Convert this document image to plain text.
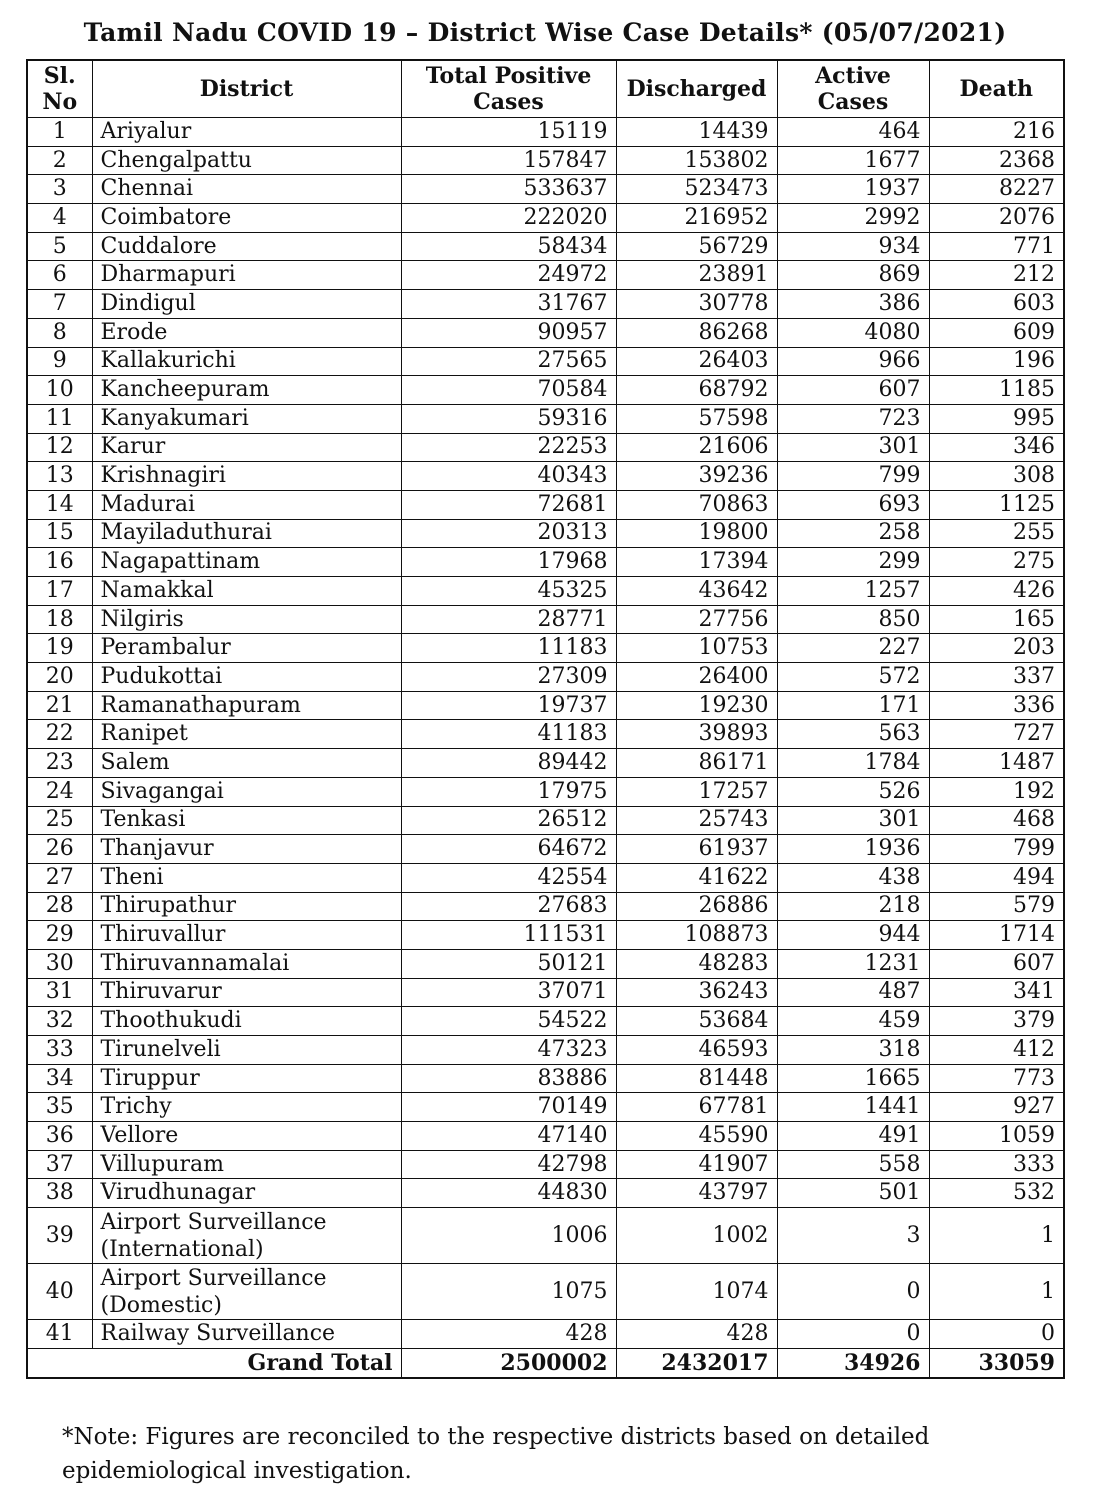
Tamil Nadu COVID 19 – District Wise Case Details* (05/07/2021)
Sl. No	District	Total Positive Cases	Discharged	Active Cases	Death
1	Ariyalur	15119	14439	464	216
2	Chengalpattu	157847	153802	1677	2368
3	Chennai	533637	523473	1937	8227
4	Coimbatore	222020	216952	2992	2076
5	Cuddalore	58434	56729	934	771
6	Dharmapuri	24972	23891	869	212
7	Dindigul	31767	30778	386	603
8	Erode	90957	86268	4080	609
9	Kallakurichi	27565	26403	966	196
10	Kancheepuram	70584	68792	607	1185
11	Kanyakumari	59316	57598	723	995
12	Karur	22253	21606	301	346
13	Krishnagiri	40343	39236	799	308
14	Madurai	72681	70863	693	1125
15	Mayiladuthurai	20313	19800	258	255
16	Nagapattinam	17968	17394	299	275
17	Namakkal	45325	43642	1257	426
18	Nilgiris	28771	27756	850	165
19	Perambalur	11183	10753	227	203
20	Pudukottai	27309	26400	572	337
21	Ramanathapuram	19737	19230	171	336
22	Ranipet	41183	39893	563	727
23	Salem	89442	86171	1784	1487
24	Sivagangai	17975	17257	526	192
25	Tenkasi	26512	25743	301	468
26	Thanjavur	64672	61937	1936	799
27	Theni	42554	41622	438	494
28	Thirupathur	27683	26886	218	579
29	Thiruvallur	111531	108873	944	1714
30	Thiruvannamalai	50121	48283	1231	607
31	Thiruvarur	37071	36243	487	341
32	Thoothukudi	54522	53684	459	379
33	Tirunelveli	47323	46593	318	412
34	Tiruppur	83886	81448	1665	773
35	Trichy	70149	67781	1441	927
36	Vellore	47140	45590	491	1059
37	Villupuram	42798	41907	558	333
38	Virudhunagar	44830	43797	501	532
39	Airport Surveillance (International)	1006	1002	3	1
40	Airport Surveillance (Domestic)	1075	1074	0	1
41	Railway Surveillance	428	428	0	0
Grand Total		2500002	2432017	34926	33059
*Note: Figures are reconciled to the respective districts based on detailed epidemiological investigation.
